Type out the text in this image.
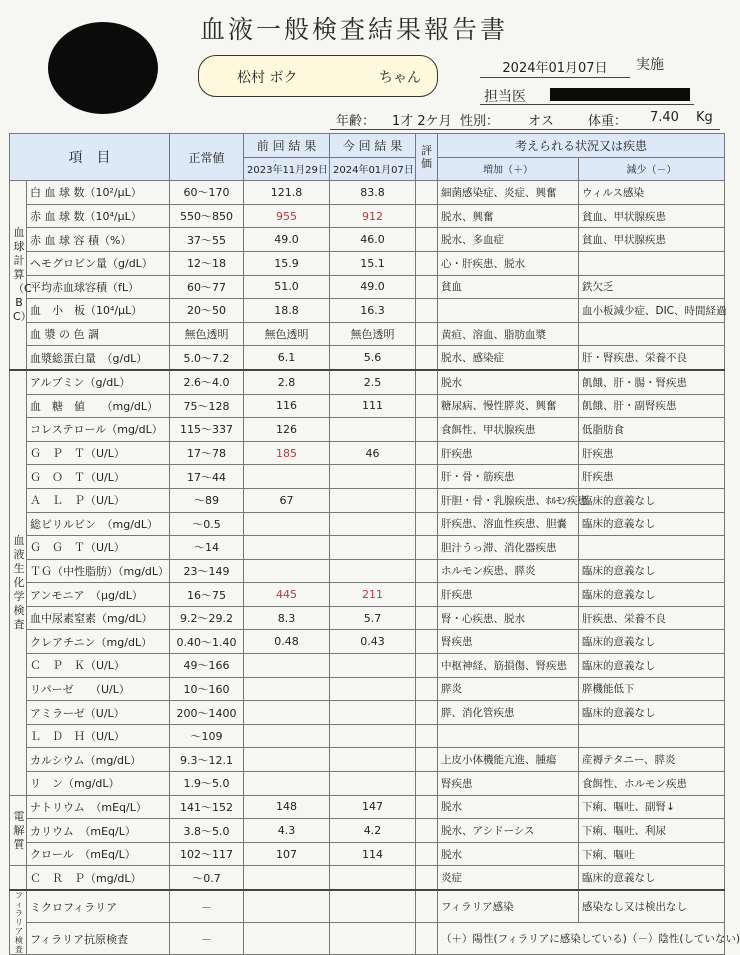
血液一般検査結果報告書
松村 ボク	ちゃん
2024年01月07日	実施
担当医
年齢： 1才 2ケ月 性別： オス	体重： 7.40 Kg
項　目		正常値	前 回 結 果	今 回 結 果	評価	考えられる状況又は疾患	
			2023年11月29日	2024年01月07日		増加（＋）	減少（－）
血球計算（CBC）	白 血 球 数（10²/μL）	60～170	121.8	83.8		細菌感染症、炎症、興奮	ウィルス感染
	赤 血 球 数（10⁴/μL）	550～850	955	912		脱水、興奮	貧血、甲状腺疾患
	赤 血 球 容 積（%）	37～55	49.0	46.0		脱水、多血症	貧血、甲状腺疾患
	ヘモグロビン量（g/dL）	12～18	15.9	15.1		心・肝疾患、脱水	
	平均赤血球容積（fL）	60～77	51.0	49.0		貧血	鉄欠乏
	血　小　板（10⁴/μL）	20～50	18.8	16.3			血小板減少症、DIC、時間経過
	血 漿 の 色 調	無色透明	無色透明	無色透明		黄疸、溶血、脂肪血漿	
	血漿総蛋白量　（g/dL）	5.0～7.2	6.1	5.6		脱水、感染症	肝・腎疾患、栄養不良
血液生化学検査	アルブミン（g/dL）	2.6～4.0	2.8	2.5		脱水	飢餓、肝・腸・腎疾患
	血　糖　値　　（mg/dL）	75～128	116	111		糖尿病、慢性膵炎、興奮	飢餓、肝・副腎疾患
	コレステロール（mg/dL）	115～337	126			食餌性、甲状腺疾患	低脂肪食
	Ｇ　Ｐ　Ｔ（U/L）	17～78	185	46		肝疾患	肝疾患
	Ｇ　Ｏ　Ｔ（U/L）	17～44				肝・骨・筋疾患	肝疾患
	Ａ　Ｌ　Ｐ（U/L）	～89	67			肝胆・骨・乳腺疾患、ﾎﾙﾓﾝ疾患	臨床的意義なし
	総ビリルビン　（mg/dL）	～0.5				肝疾患、溶血性疾患、胆嚢	臨床的意義なし
	Ｇ　Ｇ　Ｔ（U/L）	～14				胆汁うっ滞、消化器疾患	
	ＴＧ（中性脂肪）（mg/dL）	23～149				ホルモン疾患、膵炎	臨床的意義なし
	アンモニア　（μg/dL）	16～75	445	211		肝疾患	臨床的意義なし
	血中尿素窒素（mg/dL）	9.2～29.2	8.3	5.7		腎・心疾患、脱水	肝疾患、栄養不良
	クレアチニン（mg/dL）	0.40～1.40	0.48	0.43		腎疾患	臨床的意義なし
	Ｃ　Ｐ　Ｋ（U/L）	49～166				中枢神経、筋損傷、腎疾患	臨床的意義なし
	リパーゼ　　（U/L）	10～160				膵炎	膵機能低下
	アミラーゼ（U/L）	200～1400				膵、消化管疾患	臨床的意義なし
	Ｌ　Ｄ　Ｈ（U/L）	～109					
	カルシウム（mg/dL）	9.3～12.1				上皮小体機能亢進、腫瘍	産褥テタニー、膵炎
	リ　ン（mg/dL）	1.9～5.0				腎疾患	食餌性、ホルモン疾患
電解質	ナトリウム　（mEq/L）	141～152	148	147		脱水	下痢、嘔吐、副腎↓
	カリウム　（mEq/L）	3.8～5.0	4.3	4.2		脱水、アシドーシス	下痢、嘔吐、利尿
	クロール　（mEq/L）	102～117	107	114		脱水	下痢、嘔吐
	Ｃ　Ｒ　Ｐ（mg/dL）	～0.7				炎症	臨床的意義なし
フィラリア検査	ミクロフィラリア	－				フィラリア感染	感染なし又は検出なし
	フィラリア抗原検査	－				（＋）陽性(フィラリアに感染している)（－）陰性(していない)	
